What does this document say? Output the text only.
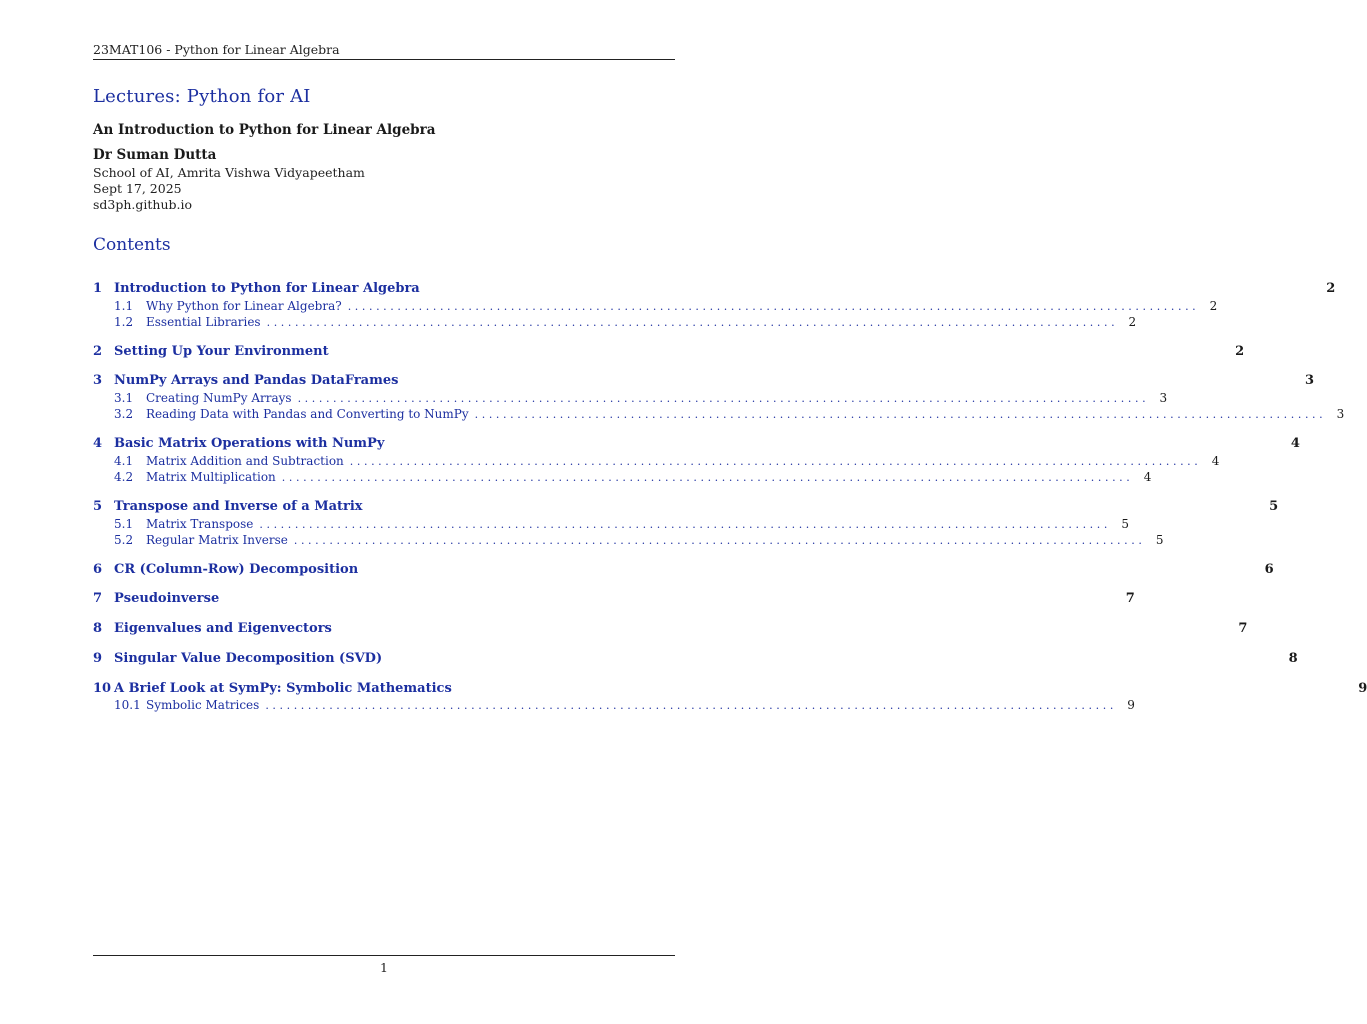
23MAT106 - Python for Linear Algebra
Lectures: Python for AI
An Introduction to Python for Linear Algebra
Dr Suman Dutta
School of AI, Amrita Vishwa Vidyapeetham
Sept 17, 2025
sd3ph.github.io
Contents
1 Introduction to Python for Linear Algebra	2
1.1	Why Python for Linear Algebra? ........................................................................................................................ 2
1.2	Essential Libraries ........................................................................................................................ 2
2 Setting Up Your Environment	2
3 NumPy Arrays and Pandas DataFrames	3
3.1	Creating NumPy Arrays ........................................................................................................................ 3
3.2	Reading Data with Pandas and Converting to NumPy ........................................................................................................................ 3
4 Basic Matrix Operations with NumPy	4
4.1	Matrix Addition and Subtraction ........................................................................................................................ 4
4.2	Matrix Multiplication ........................................................................................................................ 4
5 Transpose and Inverse of a Matrix	5
5.1	Matrix Transpose ........................................................................................................................ 5
5.2	Regular Matrix Inverse ........................................................................................................................ 5
6 CR (Column-Row) Decomposition	6
7 Pseudoinverse	7
8 Eigenvalues and Eigenvectors	7
9 Singular Value Decomposition (SVD)	8
10 A Brief Look at SymPy: Symbolic Mathematics	9
10.1 Symbolic Matrices ........................................................................................................................ 9
1
